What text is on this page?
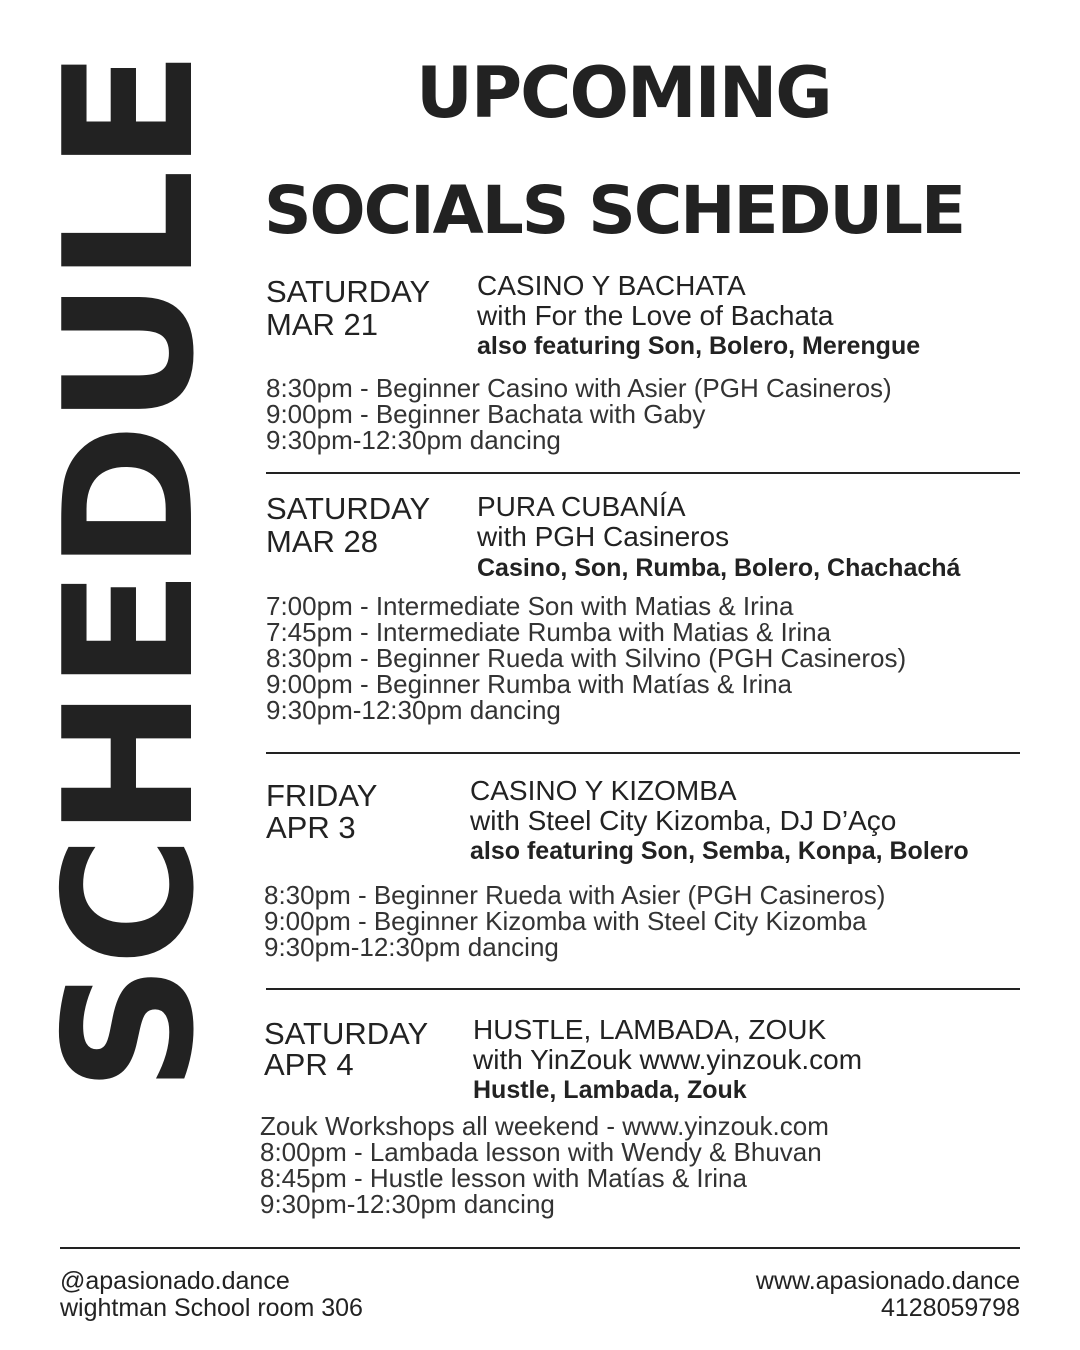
SCHEDULE	UPCOMING
SOCIALS SCHEDULE
SATURDAY
MAR 21
CASINO Y BACHATA
with For the Love of Bachata
also featuring Son, Bolero, Merengue
8:30pm - Beginner Casino with Asier (PGH Casineros)
9:00pm - Beginner Bachata with Gaby
9:30pm-12:30pm dancing
SATURDAY
MAR 28
PURA CUBANÍA
with PGH Casineros
Casino, Son, Rumba, Bolero, Chachachá
7:00pm - Intermediate Son with Matias & Irina
7:45pm - Intermediate Rumba with Matias & Irina
8:30pm - Beginner Rueda with Silvino (PGH Casineros)
9:00pm - Beginner Rumba with Matías & Irina
9:30pm-12:30pm dancing
FRIDAY
APR 3
CASINO Y KIZOMBA
with Steel City Kizomba, DJ D’Aço
also featuring Son, Semba, Konpa, Bolero
8:30pm - Beginner Rueda with Asier (PGH Casineros)
9:00pm - Beginner Kizomba with Steel City Kizomba
9:30pm-12:30pm dancing
SATURDAY
APR 4
HUSTLE, LAMBADA, ZOUK
with YinZouk www.yinzouk.com
Hustle, Lambada, Zouk
Zouk Workshops all weekend - www.yinzouk.com
8:00pm - Lambada lesson with Wendy & Bhuvan
8:45pm - Hustle lesson with Matías & Irina
9:30pm-12:30pm dancing
@apasionado.dance
wightman School room 306
www.apasionado.dance
4128059798
